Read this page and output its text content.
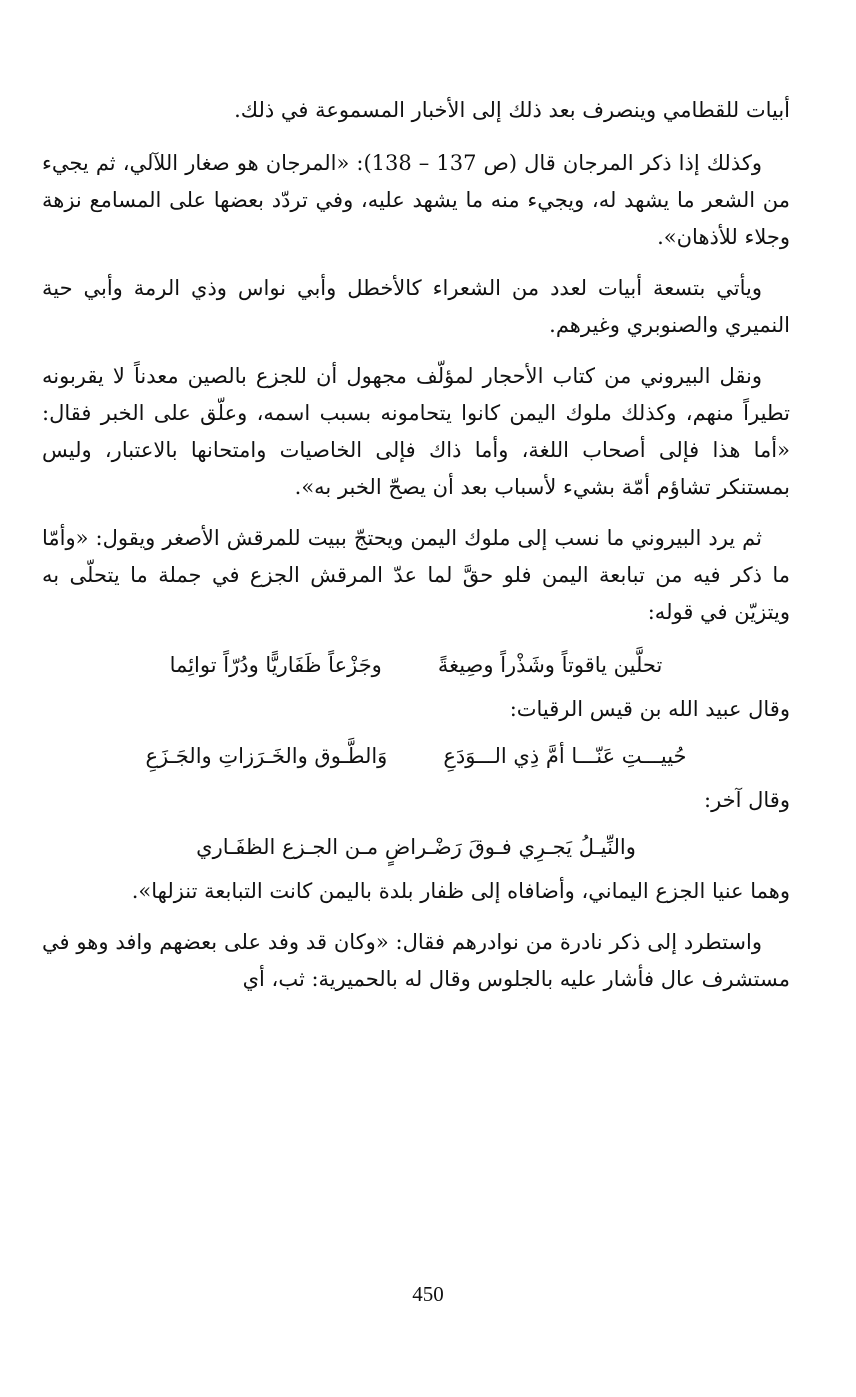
أبيات للقطامي وينصرف بعد ذلك إلى الأخبار المسموعة في ذلك.

وكذلك إذا ذكر المرجان قال (ص 137 – 138): «المرجان هو صغار اللآلي، ثم يجيء من الشعر ما يشهد له، ويجيء منه ما يشهد عليه، وفي تردّد بعضها على المسامع نزهة وجلاء للأذهان».

ويأتي بتسعة أبيات لعدد من الشعراء كالأخطل وأبي نواس وذي الرمة وأبي حية النميري والصنوبري وغيرهم.

ونقل البيروني من كتاب الأحجار لمؤلّف مجهول أن للجزع بالصين معدناً لا يقربونه تطيراً منهم، وكذلك ملوك اليمن كانوا يتحامونه بسبب اسمه، وعلّق على الخبر فقال: «أما هذا فإلى أصحاب اللغة، وأما ذاك فإلى الخاصيات وامتحانها بالاعتبار، وليس بمستنكر تشاؤم أمّة بشيء لأسباب بعد أن يصحّ الخبر به».

ثم يرد البيروني ما نسب إلى ملوك اليمن ويحتجّ ببيت للمرقش الأصغر ويقول: «وأمّا ما ذكر فيه من تبابعة اليمن فلو حقَّ لما عدّ المرقش الجزع في جملة ما يتحلّى به ويتزيّن في قوله:

تحلَّين ياقوتاً وشَذْراً وصِيغةً
وجَزْعاً ظَفَاريًّا ودُرّاً توائِما

وقال عبيد الله بن قيس الرقيات:

حُييـــتِ عَنّـــا أمَّ ذِي الـــوَدَعِ
وَالطَّـوق والخَـرَزاتِ والجَـزَعِ

وقال آخر:

والنِّيـلُ يَجـرِي فـوقَ رَضْـراضٍ مـن الجـزع الظفَـاري

وهما عنيا الجزع اليماني، وأضافاه إلى ظفار بلدة باليمن كانت التبابعة تنزلها».

واستطرد إلى ذكر نادرة من نوادرهم فقال: «وكان قد وفد على بعضهم وافد وهو في مستشرف عال فأشار عليه بالجلوس وقال له بالحميرية: ثب، أي

450
